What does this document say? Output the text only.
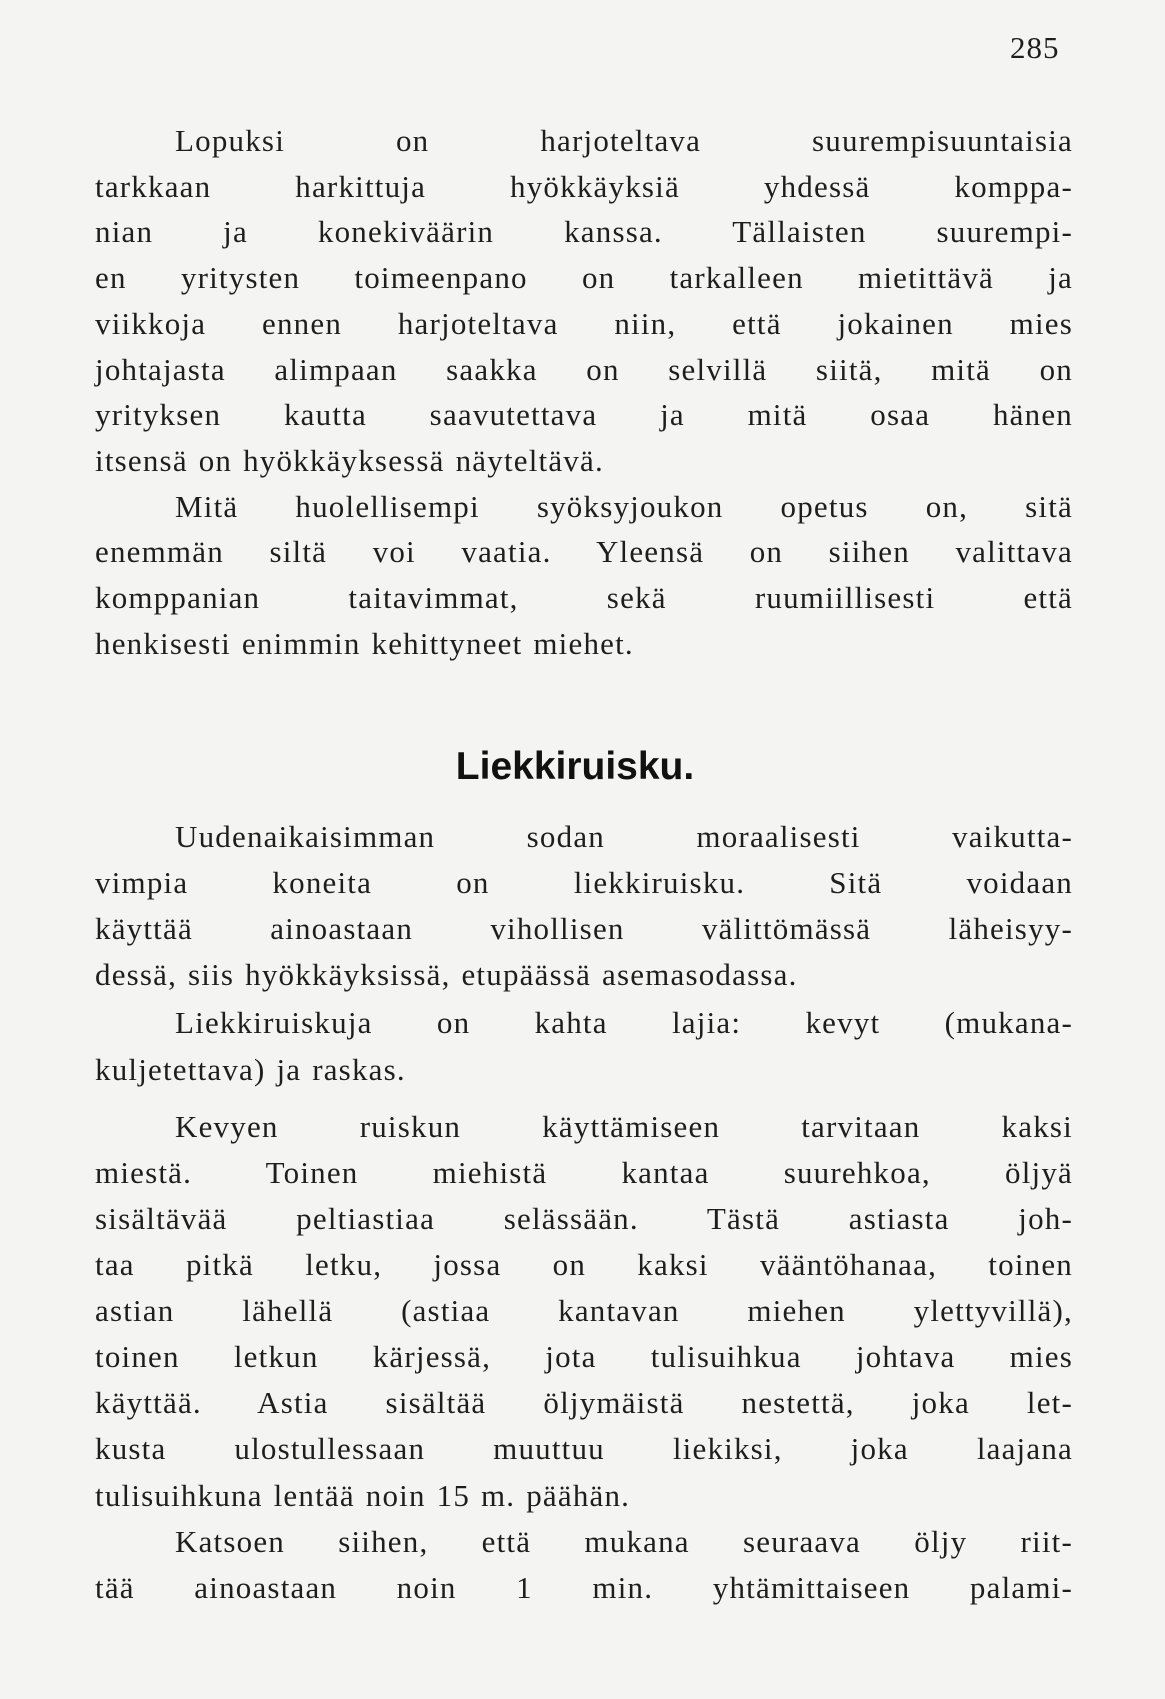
285
Liekkiruisku.
Lopuksi on harjoteltava suurempisuuntaisia
tarkkaan harkittuja hyökkäyksiä yhdessä komppa-
nian ja konekiväärin kanssa. Tällaisten suurempi-
en yritysten toimeenpano on tarkalleen mietittävä ja
viikkoja ennen harjoteltava niin, että jokainen mies
johtajasta alimpaan saakka on selvillä siitä, mitä on
yrityksen kautta saavutettava ja mitä osaa hänen
itsensä on hyökkäyksessä näyteltävä.
Mitä huolellisempi syöksyjoukon opetus on, sitä
enemmän siltä voi vaatia. Yleensä on siihen valittava
komppanian taitavimmat, sekä ruumiillisesti että
henkisesti enimmin kehittyneet miehet.
Uudenaikaisimman sodan moraalisesti vaikutta-
vimpia koneita on liekkiruisku. Sitä voidaan
käyttää ainoastaan vihollisen välittömässä läheisyy-
dessä, siis hyökkäyksissä, etupäässä asemasodassa.
Liekkiruiskuja on kahta lajia: kevyt (mukana-
kuljetettava) ja raskas.
Kevyen ruiskun käyttämiseen tarvitaan kaksi
miestä. Toinen miehistä kantaa suurehkoa, öljyä
sisältävää peltiastiaa selässään. Tästä astiasta joh-
taa pitkä letku, jossa on kaksi vääntöhanaa, toinen
astian lähellä (astiaa kantavan miehen ylettyvillä),
toinen letkun kärjessä, jota tulisuihkua johtava mies
käyttää. Astia sisältää öljymäistä nestettä, joka let-
kusta ulostullessaan muuttuu liekiksi, joka laajana
tulisuihkuna lentää noin 15 m. päähän.
Katsoen siihen, että mukana seuraava öljy riit-
tää ainoastaan noin 1 min. yhtämittaiseen palami-
